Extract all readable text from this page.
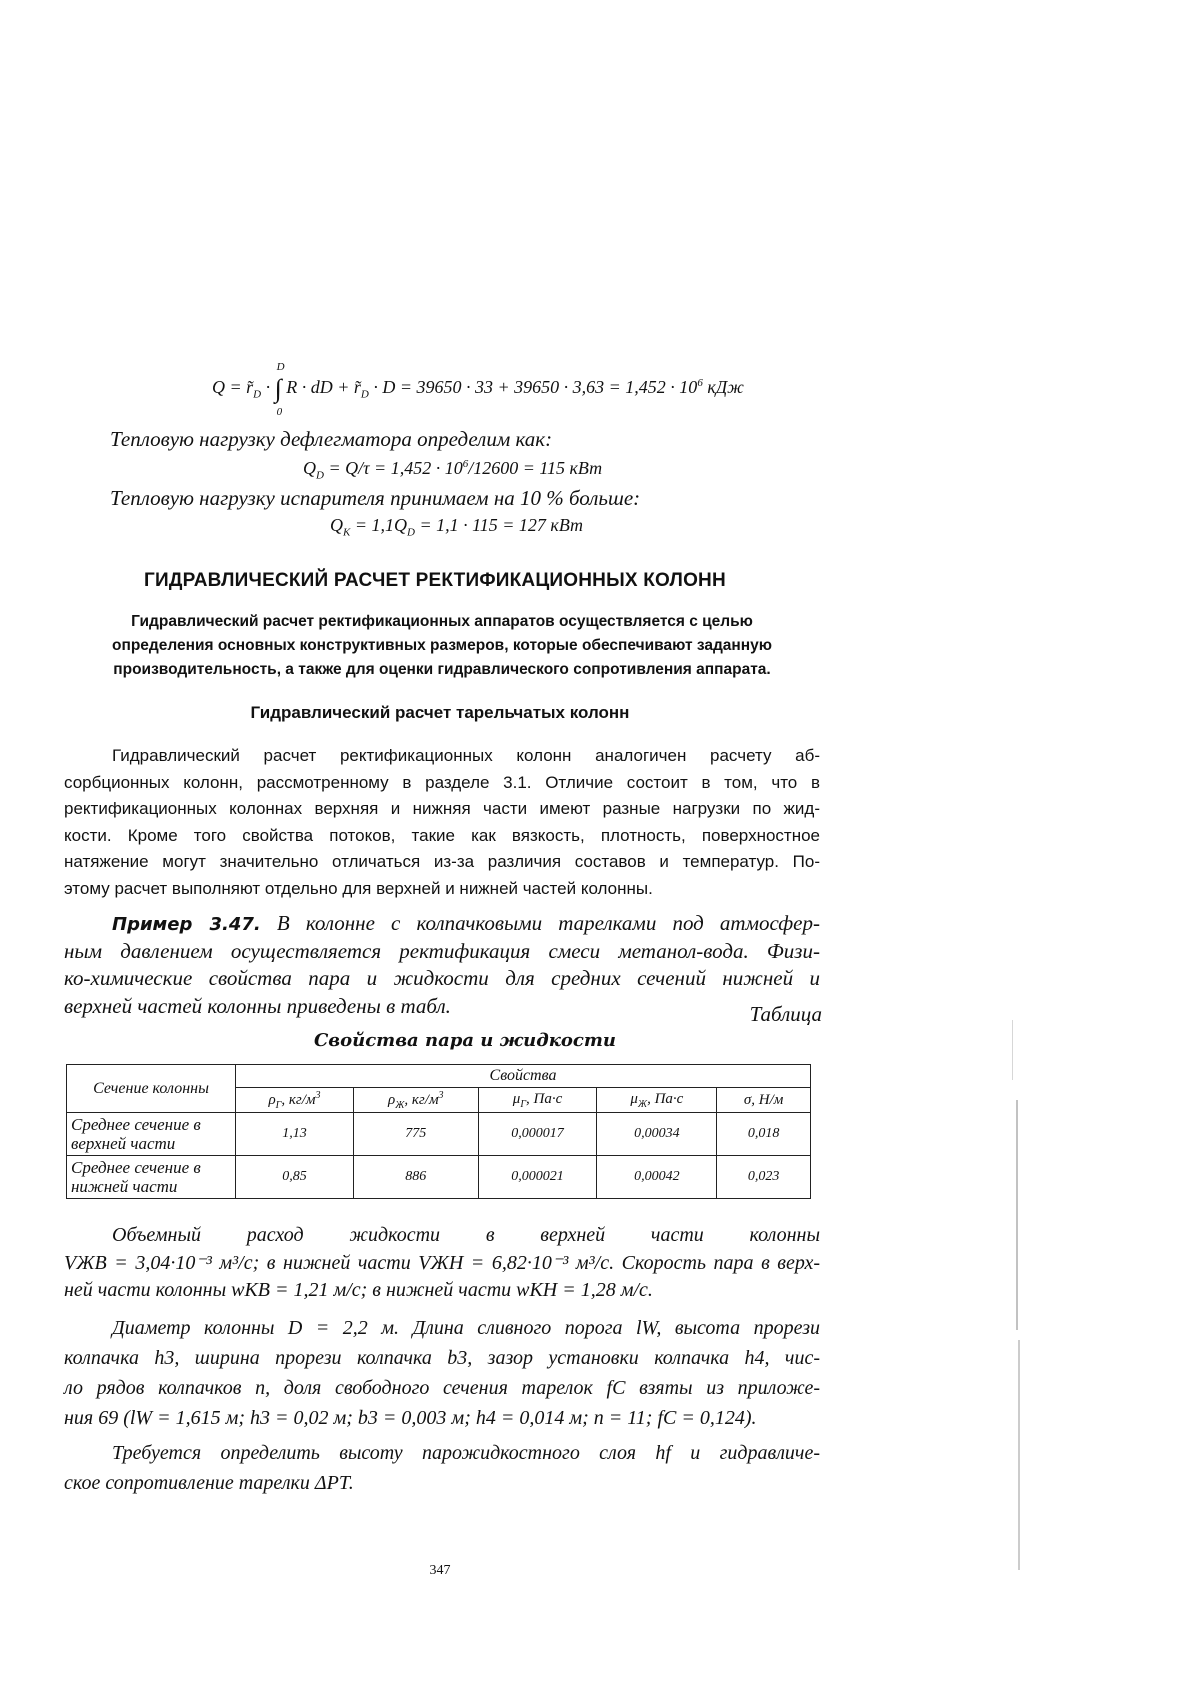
$Q = r͂_D$ · ∫
D
0
R · dD + $r͂_D \cdot D = 39650 \cdot 33 + 39650 \cdot 3,63 = 1,452 \cdot 10^6$ кДж
Тепловую нагрузку дефлегматора определим как:
$Q_D = Q/\tau = 1,452 \cdot 10^6/12600 = 115$ кВт
Тепловую нагрузку испарителя принимаем на 10 % больше:
$Q_K = 1,1Q_D = 1,1 \cdot 115 = 127$ кВт
ГИДРАВЛИЧЕСКИЙ РАСЧЕТ РЕКТИФИКАЦИОННЫХ КОЛОНН
Гидравлический расчет ректификационных аппаратов осуществляется с целью
определения основных конструктивных размеров, которые обеспечивают заданную
производительность, а также для оценки гидравлического сопротивления аппарата.
Гидравлический расчет тарельчатых колонн
Гидравлический расчет ректификационных колонн аналогичен расчету аб-
сорбционных колонн, рассмотренному в разделе 3.1. Отличие состоит в том, что в
ректификационных колоннах верхняя и нижняя части имеют разные нагрузки по жид-
кости. Кроме того свойства потоков, такие как вязкость, плотность, поверхностное
натяжение могут значительно отличаться из-за различия составов и температур. По-
этому расчет выполняют отдельно для верхней и нижней частей колонны.
Пример 3.47. В колонне с колпачковыми тарелками под атмосфер-
ным давлением осуществляется ректификация смеси метанол-вода. Физи-
ко-химические свойства пара и жидкости для средних сечений нижней и
верхней частей колонны приведены в табл.	Таблица
Свойства пара и жидкости
Сечение колонны	Свойства				
	$\rho_Г$, $кг/м^3$	$\rho_Ж$, $кг/м^3$	$\mu_Г$, Па·с	$\mu_Ж$, Па·с	σ, Н/м
Среднее сечение в верхней части	1,13	775	0,000017	0,00034	0,018
Среднее сечение в нижней части	0,85	886	0,000021	0,00042	0,023
Объемный расход жидкости в верхней части колонны
VЖВ = 3,04·10⁻³ м³/с; в нижней части VЖН = 6,82·10⁻³ м³/с. Скорость пара в верх-
ней части колонны wКВ = 1,21 м/с; в нижней части wКН = 1,28 м/с.
Диаметр колонны D = 2,2 м. Длина сливного порога lW, высота прорези
колпачка h3, ширина прорези колпачка b3, зазор установки колпачка h4, чис-
ло рядов колпачков n, доля свободного сечения тарелок fC взяты из приложе-
ния 69 (lW = 1,615 м; h3 = 0,02 м; b3 = 0,003 м; h4 = 0,014 м; n = 11; fC = 0,124).
Требуется определить высоту парожидкостного слоя hf и гидравличе-
ское сопротивление тарелки ΔPТ.
347
